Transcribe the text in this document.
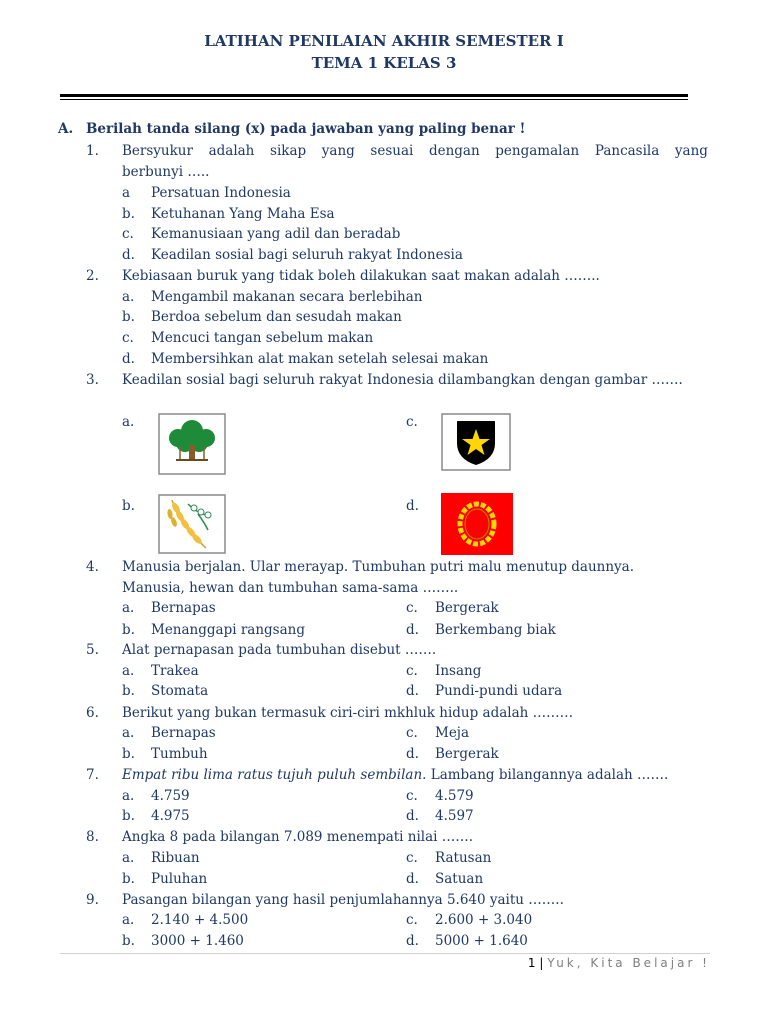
LATIHAN PENILAIAN AKHIR SEMESTER I
TEMA 1 KELAS 3
A. Berilah tanda silang (x) pada jawaban yang paling benar !
1. Bersyukur adalah sikap yang sesuai dengan pengamalan Pancasila yang
berbunyi …..
a Persatuan Indonesia
b. Ketuhanan Yang Maha Esa
c. Kemanusiaan yang adil dan beradab
d. Keadilan sosial bagi seluruh rakyat Indonesia
2. Kebiasaan buruk yang tidak boleh dilakukan saat makan adalah ……..
a. Mengambil makanan secara berlebihan
b. Berdoa sebelum dan sesudah makan
c. Mencuci tangan sebelum makan
d. Membersihkan alat makan setelah selesai makan
3. Keadilan sosial bagi seluruh rakyat Indonesia dilambangkan dengan gambar …….
a.	c.
b.	d.
4. Manusia berjalan. Ular merayap. Tumbuhan putri malu menutup daunnya.
Manusia, hewan dan tumbuhan sama-sama ……..
a. Bernapas	c. Bergerak
b. Menanggapi rangsang	d. Berkembang biak
5. Alat pernapasan pada tumbuhan disebut …….
a. Trakea	c. Insang
b. Stomata	d. Pundi-pundi udara
6. Berikut yang bukan termasuk ciri-ciri mkhluk hidup adalah ………
a. Bernapas	c. Meja
b. Tumbuh	d. Bergerak
7. Empat ribu lima ratus tujuh puluh sembilan. Lambang bilangannya adalah …….
a. 4.759	c. 4.579
b. 4.975	d. 4.597
8. Angka 8 pada bilangan 7.089 menempati nilai …….
a. Ribuan	c. Ratusan
b. Puluhan	d. Satuan
9. Pasangan bilangan yang hasil penjumlahannya 5.640 yaitu ……..
a. 2.140 + 4.500	c. 2.600 + 3.040
b. 3000 + 1.460	d. 5000 + 1.640
1 | Yuk, Kita Belajar !
